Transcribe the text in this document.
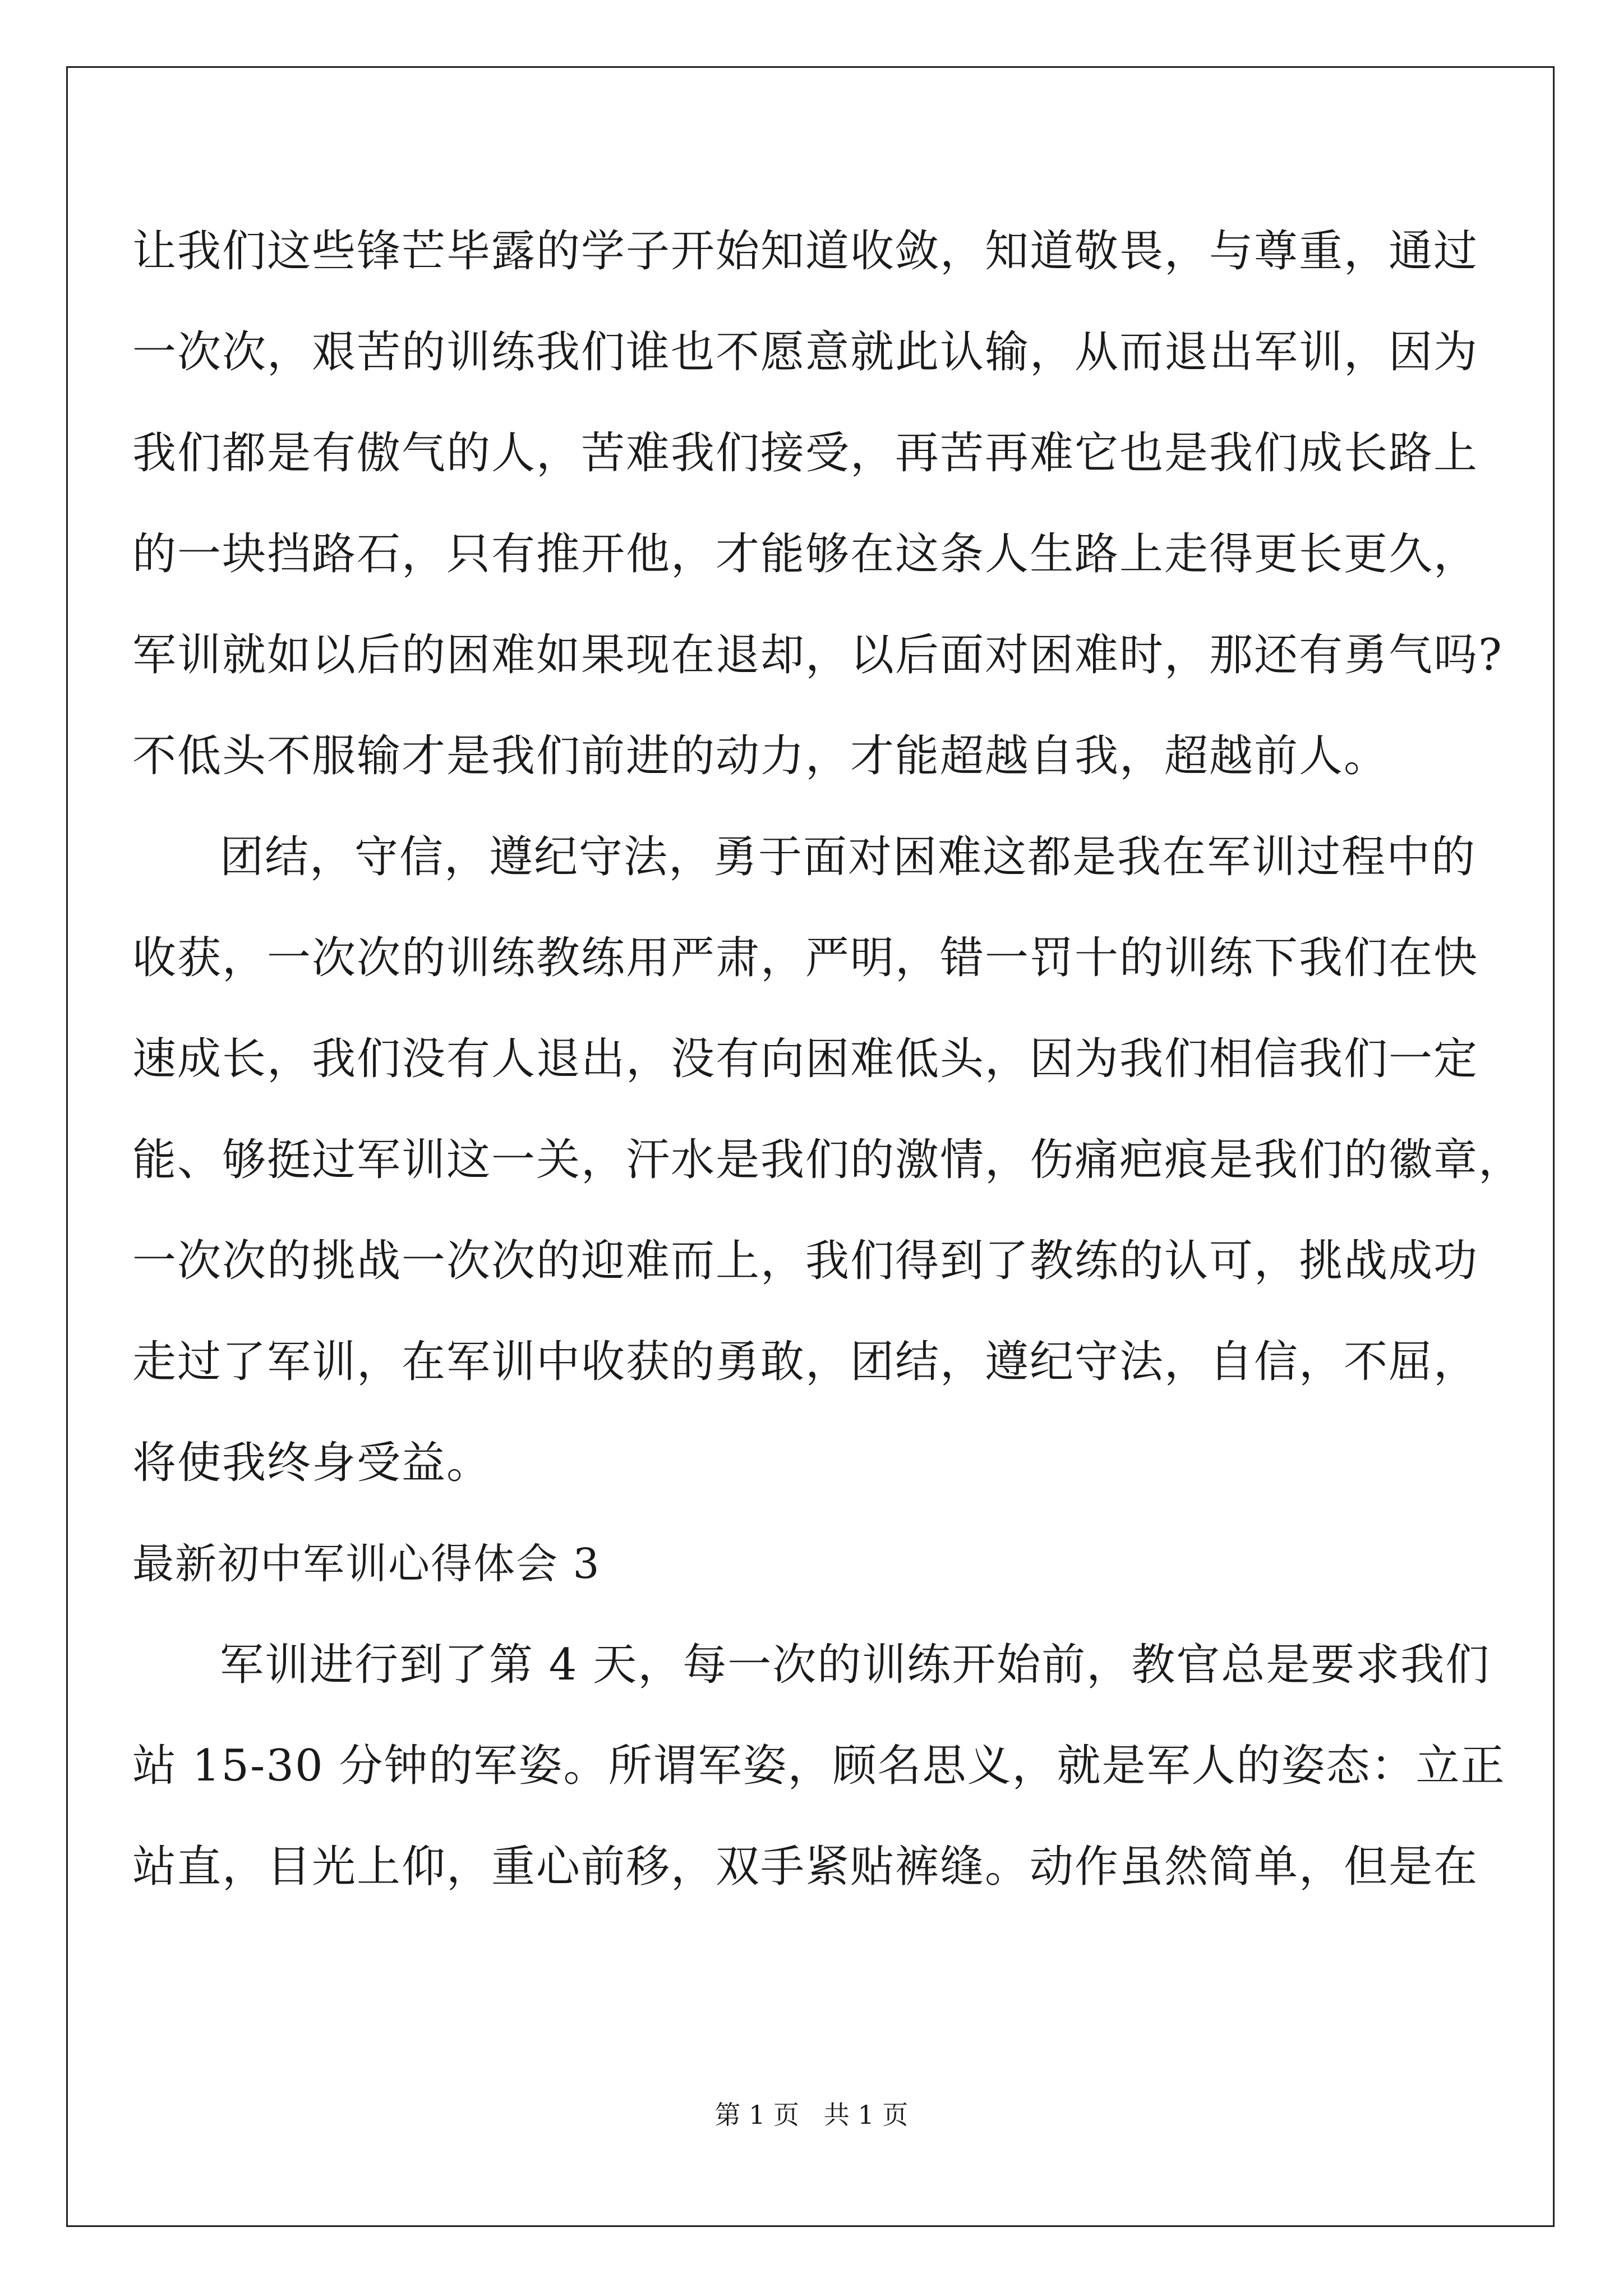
让我们这些锋芒毕露的学子开始知道收敛，知道敬畏，与尊重，通过
一次次，艰苦的训练我们谁也不愿意就此认输，从而退出军训，因为
我们都是有傲气的人，苦难我们接受，再苦再难它也是我们成长路上
的一块挡路石，只有推开他，才能够在这条人生路上走得更长更久，
军训就如以后的困难如果现在退却，以后面对困难时，那还有勇气吗?
不低头不服输才是我们前进的动力，才能超越自我，超越前人。
团结，守信，遵纪守法，勇于面对困难这都是我在军训过程中的
收获，一次次的训练教练用严肃，严明，错一罚十的训练下我们在快
速成长，我们没有人退出，没有向困难低头，因为我们相信我们一定
能、够挺过军训这一关，汗水是我们的激情，伤痛疤痕是我们的徽章，
一次次的挑战一次次的迎难而上，我们得到了教练的认可，挑战成功
走过了军训，在军训中收获的勇敢，团结，遵纪守法，自信，不屈，
将使我终身受益。
最新初中军训心得体会 3
军训进行到了第 4 天，每一次的训练开始前，教官总是要求我们
站 15-30 分钟的军姿。所谓军姿，顾名思义，就是军人的姿态：立正
站直，目光上仰，重心前移，双手紧贴裤缝。动作虽然简单，但是在
第 1 页   共 1 页
